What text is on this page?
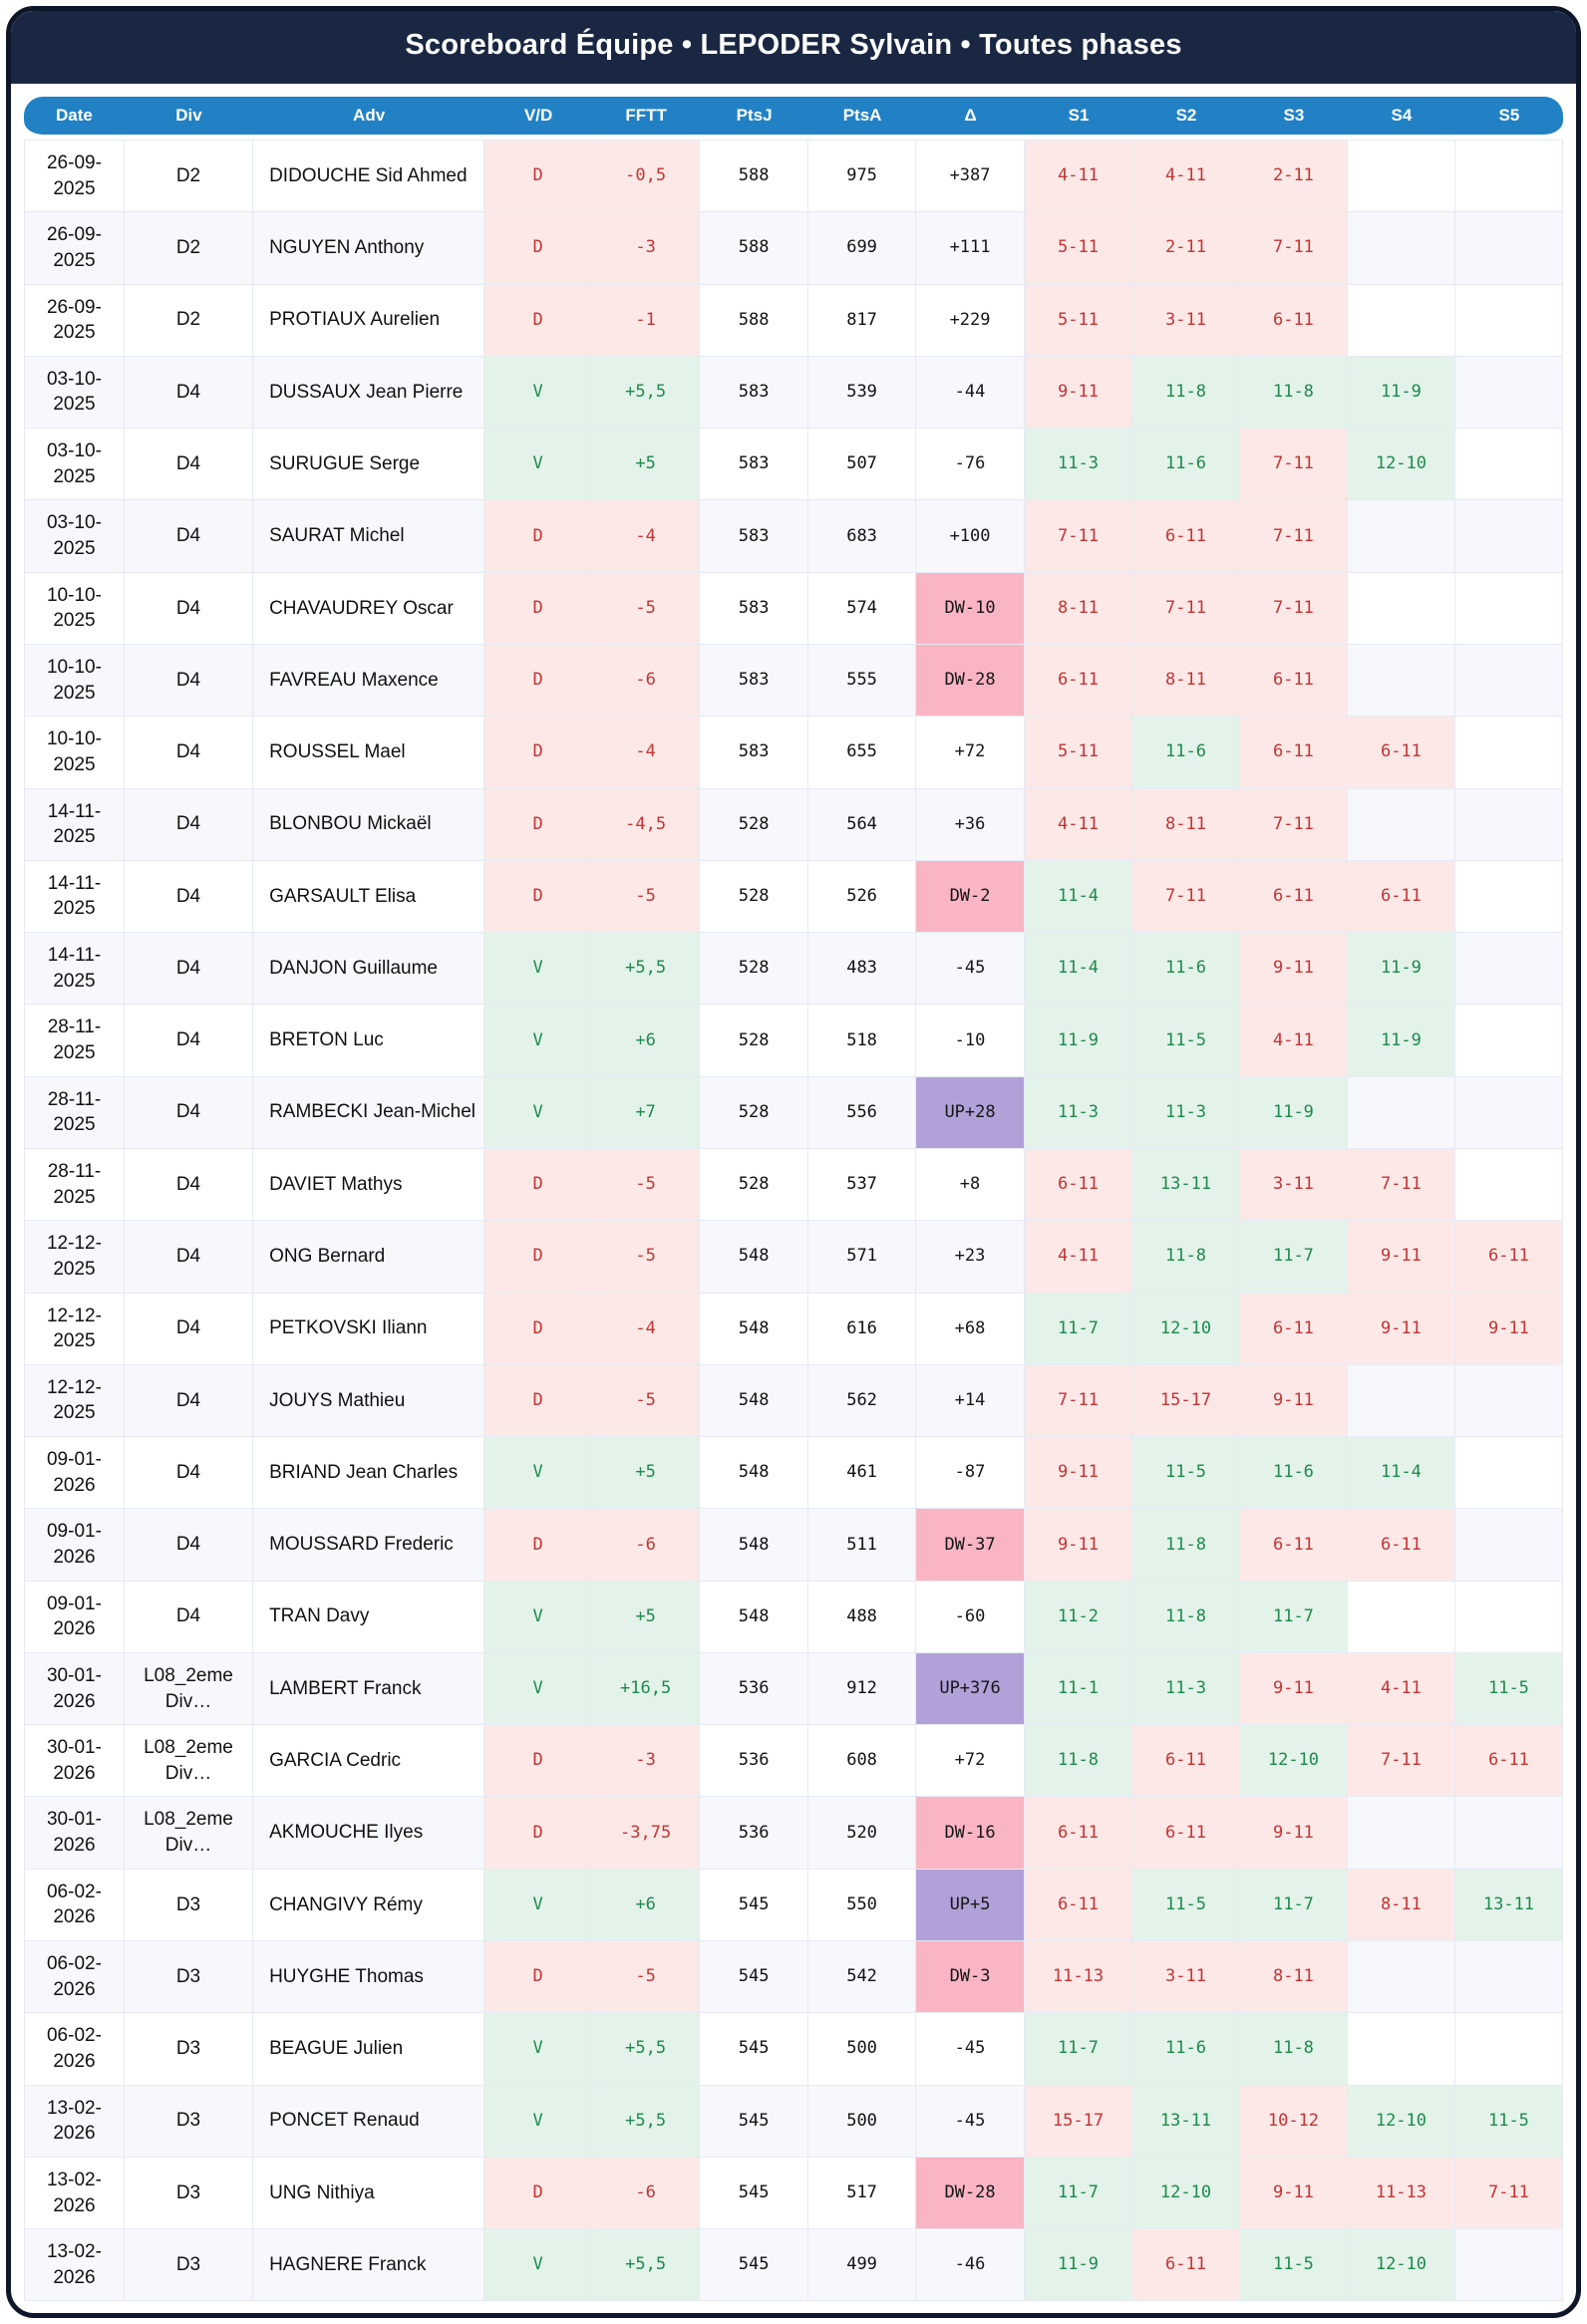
Scoreboard Équipe • LEPODER Sylvain • Toutes phases
Date	Div	Adv	V/D	FFTT	PtsJ	PtsA	Δ	S1	S2	S3	S4	S5
26-09-2025	D2	DIDOUCHE Sid Ahmed	D	-0,5	588	975	+387	4-11	4-11	2-11		
26-09-2025	D2	NGUYEN Anthony	D	-3	588	699	+111	5-11	2-11	7-11		
26-09-2025	D2	PROTIAUX Aurelien	D	-1	588	817	+229	5-11	3-11	6-11		
03-10-2025	D4	DUSSAUX Jean Pierre	V	+5,5	583	539	-44	9-11	11-8	11-8	11-9	
03-10-2025	D4	SURUGUE Serge	V	+5	583	507	-76	11-3	11-6	7-11	12-10	
03-10-2025	D4	SAURAT Michel	D	-4	583	683	+100	7-11	6-11	7-11		
10-10-2025	D4	CHAVAUDREY Oscar	D	-5	583	574	DW-10	8-11	7-11	7-11		
10-10-2025	D4	FAVREAU Maxence	D	-6	583	555	DW-28	6-11	8-11	6-11		
10-10-2025	D4	ROUSSEL Mael	D	-4	583	655	+72	5-11	11-6	6-11	6-11	
14-11-2025	D4	BLONBOU Mickaël	D	-4,5	528	564	+36	4-11	8-11	7-11		
14-11-2025	D4	GARSAULT Elisa	D	-5	528	526	DW-2	11-4	7-11	6-11	6-11	
14-11-2025	D4	DANJON Guillaume	V	+5,5	528	483	-45	11-4	11-6	9-11	11-9	
28-11-2025	D4	BRETON Luc	V	+6	528	518	-10	11-9	11-5	4-11	11-9	
28-11-2025	D4	RAMBECKI Jean-Michel	V	+7	528	556	UP+28	11-3	11-3	11-9		
28-11-2025	D4	DAVIET Mathys	D	-5	528	537	+8	6-11	13-11	3-11	7-11	
12-12-2025	D4	ONG Bernard	D	-5	548	571	+23	4-11	11-8	11-7	9-11	6-11
12-12-2025	D4	PETKOVSKI Iliann	D	-4	548	616	+68	11-7	12-10	6-11	9-11	9-11
12-12-2025	D4	JOUYS Mathieu	D	-5	548	562	+14	7-11	15-17	9-11		
09-01-2026	D4	BRIAND Jean Charles	V	+5	548	461	-87	9-11	11-5	11-6	11-4	
09-01-2026	D4	MOUSSARD Frederic	D	-6	548	511	DW-37	9-11	11-8	6-11	6-11	
09-01-2026	D4	TRAN Davy	V	+5	548	488	-60	11-2	11-8	11-7		
30-01-2026	L08_2eme Div…	LAMBERT Franck	V	+16,5	536	912	UP+376	11-1	11-3	9-11	4-11	11-5
30-01-2026	L08_2eme Div…	GARCIA Cedric	D	-3	536	608	+72	11-8	6-11	12-10	7-11	6-11
30-01-2026	L08_2eme Div…	AKMOUCHE Ilyes	D	-3,75	536	520	DW-16	6-11	6-11	9-11		
06-02-2026	D3	CHANGIVY Rémy	V	+6	545	550	UP+5	6-11	11-5	11-7	8-11	13-11
06-02-2026	D3	HUYGHE Thomas	D	-5	545	542	DW-3	11-13	3-11	8-11		
06-02-2026	D3	BEAGUE Julien	V	+5,5	545	500	-45	11-7	11-6	11-8		
13-02-2026	D3	PONCET Renaud	V	+5,5	545	500	-45	15-17	13-11	10-12	12-10	11-5
13-02-2026	D3	UNG Nithiya	D	-6	545	517	DW-28	11-7	12-10	9-11	11-13	7-11
13-02-2026	D3	HAGNERE Franck	V	+5,5	545	499	-46	11-9	6-11	11-5	12-10	
